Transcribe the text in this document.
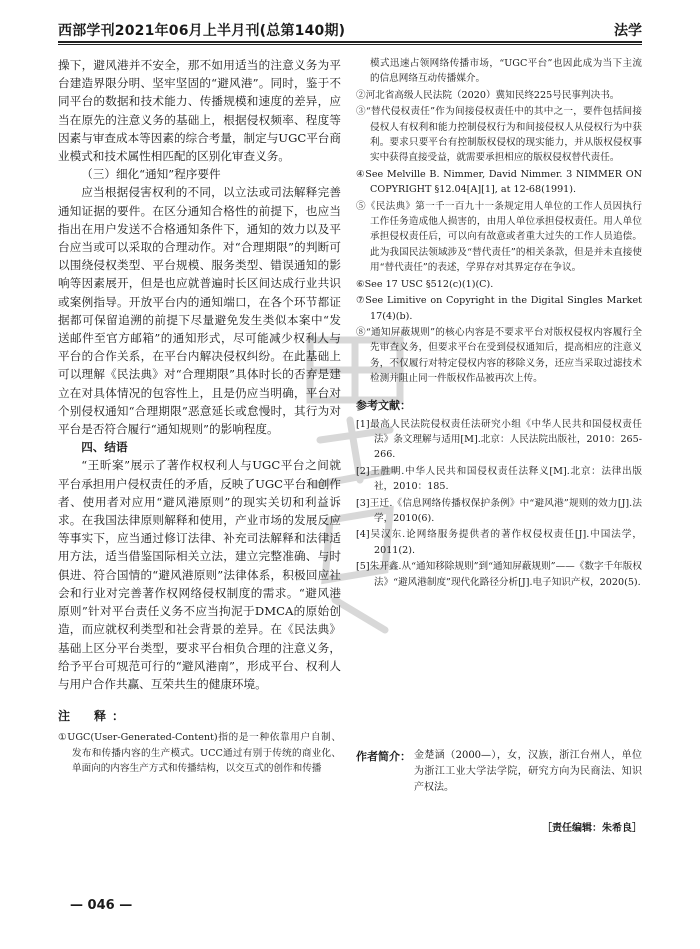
西部学刊2021年06月上半月刊(总第140期)	法学

操下，避风港并不安全，那不如用适当的注意义务为平台建造界限分明、坚牢坚固的“避风港”。同时，鉴于不同平台的数据和技术能力、传播规模和速度的差异，应当在原先的注意义务的基础上，根据侵权频率、程度等因素与审查成本等因素的综合考量，制定与UGC平台商业模式和技术属性相匹配的区别化审查义务。

（三）细化“通知”程序要件

应当根据侵害权利的不同，以立法或司法解释完善通知证据的要件。在区分通知合格性的前提下，也应当指出在用户发送不合格通知条件下，通知的效力以及平台应当或可以采取的合理动作。对“合理期限”的判断可以围绕侵权类型、平台规模、服务类型、错误通知的影响等因素展开，但是也应就普遍时长区间达成行业共识或案例指导。开放平台内的通知端口，在各个环节都证据都可保留追溯的前提下尽量避免发生类似本案中“发送邮件至官方邮箱”的通知形式，尽可能减少权利人与平台的合作关系，在平台内解决侵权纠纷。在此基础上可以理解《民法典》对“合理期限”具体时长的否弃是建立在对具体情况的包容性上，且是仍应当明确，平台对个别侵权通知“合理期限”恶意延长或怠慢时，其行为对平台是否符合履行“通知规则”的影响程度。

四、结语

“王昕案”展示了著作权权利人与UGC平台之间就平台承担用户侵权责任的矛盾，反映了UGC平台和创作者、使用者对应用“避风港原则”的现实关切和利益诉求。在我国法律原则解释和使用，产业市场的发展反应等事实下，应当通过修订法律、补充司法解释和法律适用方法，适当借鉴国际相关立法，建立完整准确、与时俱进、符合国情的“避风港原则”法律体系，积极回应社会和行业对完善著作权网络侵权制度的需求。“避风港原则”针对平台责任义务不应当拘泥于DMCA的原始创造，而应就权利类型和社会背景的差异。在《民法典》基础上区分平台类型，要求平台相负合理的注意义务，给予平台可规范可行的“避风港南”，形成平台、权利人与用户合作共赢、互荣共生的健康环境。

注　释：

①UGC(User-Generated-Content)指的是一种依靠用户自制、发布和传播内容的生产模式。UCC通过有别于传统的商业化、单面向的内容生产方式和传播结构，以交互式的创作和传播

模式迅速占领网络传播市场，“UGC平台”也因此成为当下主流的信息网络互动传播媒介。

②河北省高级人民法院（2020）冀知民终225号民事判决书。

③“替代侵权责任”作为间接侵权责任中的其中之一，要件包括间接侵权人有权利和能力控制侵权行为和间接侵权人从侵权行为中获利。要求只要平台有控制版权侵权的现实能力，并从版权侵权事实中获得直接受益，就需要承担相应的版权侵权替代责任。

④See Melville B. Nimmer, David Nimmer. 3 NIMMER ON COPYRIGHT §12.04[A][1], at 12-68(1991).

⑤《民法典》第一千一百九十一条规定用人单位的工作人员因执行工作任务造成他人损害的，由用人单位承担侵权责任。用人单位承担侵权责任后，可以向有故意或者重大过失的工作人员追偿。此为我国民法领域涉及“替代责任”的相关条款，但是并未直接使用“替代责任”的表述，学界存对其界定存在争议。

⑥See 17 USC §512(c)(1)(C).

⑦See Limitive on Copyright in the Digital Singles Market 17(4)(b).

⑧“通知屏蔽规则”的核心内容是不要求平台对版权侵权内容履行全先审查义务，但要求平台在受到侵权通知后，提高相应的注意义务，不仅履行对特定侵权内容的移除义务，还应当采取过滤技术检测并阻止同一件版权作品被再次上传。

参考文献：

[1]最高人民法院侵权责任法研究小组《中华人民共和国侵权责任法》条文理解与适用[M].北京：人民法院出版社，2010：265-266.

[2]王胜明.中华人民共和国侵权责任法释义[M].北京：法律出版社，2010：185.

[3]王迁.《信息网络传播权保护条例》中“避风港”规则的效力[J].法学，2010(6).

[4]吴汉东.论网络服务提供者的著作权侵权责任[J].中国法学，2011(2).

[5]朱开鑫.从“通知移除规则”到“通知屏蔽规则”——《数字千年版权法》“避风港制度”现代化路径分析[J].电子知识产权，2020(5).

作者简介： 金楚涵（2000—），女，汉族，浙江台州人，单位为浙江工业大学法学院，研究方向为民商法、知识产权法。
［责任编辑：朱希良］
— 046 —
